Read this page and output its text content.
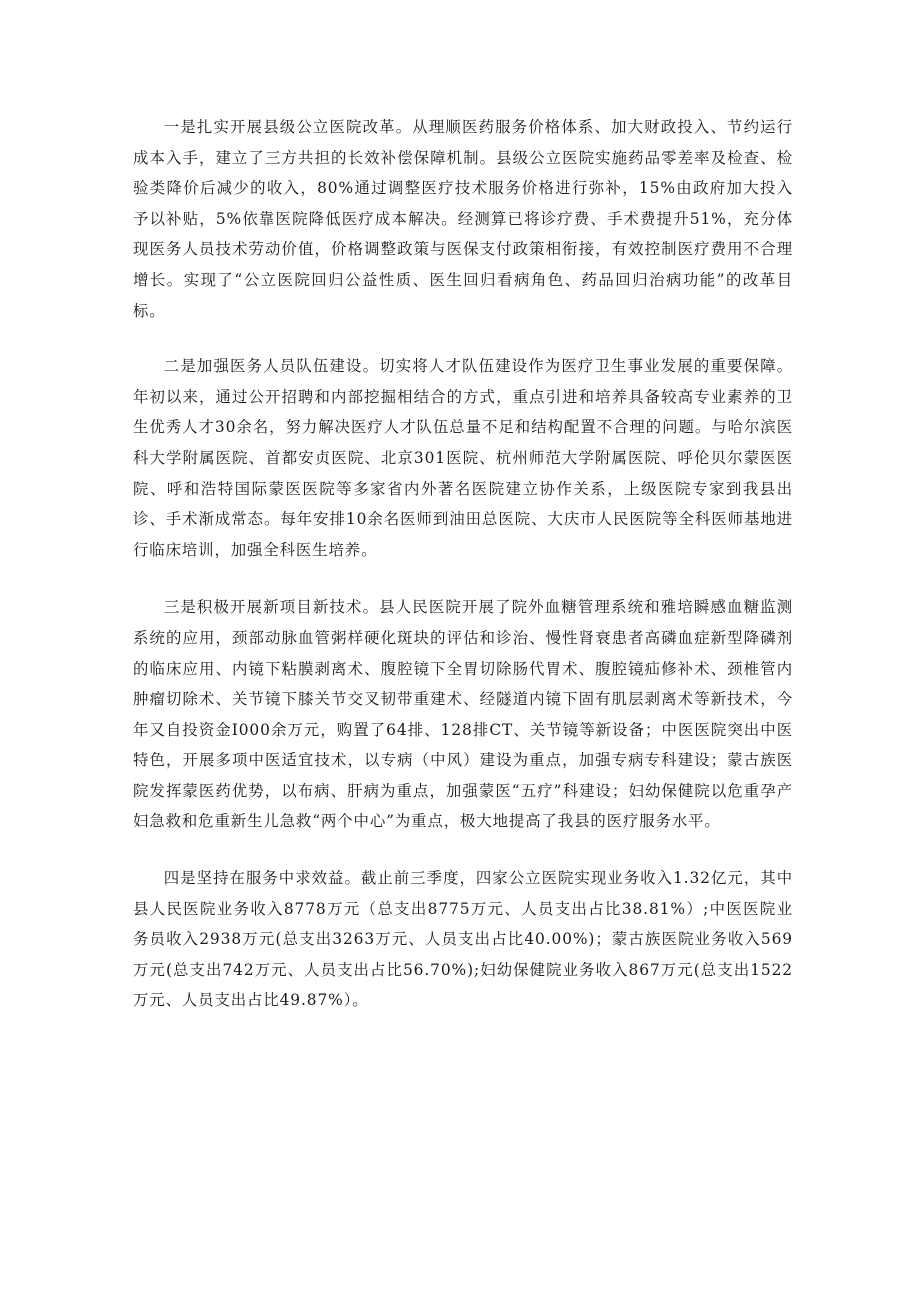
一是扎实开展县级公立医院改革。从理顺医药服务价格体系、加大财政投入、节约运行成本入手，建立了三方共担的长效补偿保障机制。县级公立医院实施药品零差率及检查、检验类降价后减少的收入，80%通过调整医疗技术服务价格进行弥补，15%由政府加大投入予以补贴，5%依靠医院降低医疗成本解决。经测算已将诊疗费、手术费提升51%，充分体现医务人员技术劳动价值，价格调整政策与医保支付政策相衔接，有效控制医疗费用不合理增长。实现了“公立医院回归公益性质、医生回归看病角色、药品回归治病功能”的改革目标。

二是加强医务人员队伍建设。切实将人才队伍建设作为医疗卫生事业发展的重要保障。年初以来，通过公开招聘和内部挖掘相结合的方式，重点引进和培养具备较高专业素养的卫生优秀人才30余名，努力解决医疗人才队伍总量不足和结构配置不合理的问题。与哈尔滨医科大学附属医院、首都安贞医院、北京301医院、杭州师范大学附属医院、呼伦贝尔蒙医医院、呼和浩特国际蒙医医院等多家省内外著名医院建立协作关系，上级医院专家到我县出诊、手术渐成常态。每年安排10余名医师到油田总医院、大庆市人民医院等全科医师基地进行临床培训，加强全科医生培养。

三是积极开展新项目新技术。县人民医院开展了院外血糖管理系统和雅培瞬感血糖监测系统的应用，颈部动脉血管粥样硬化斑块的评估和诊治、慢性肾衰患者高磷血症新型降磷剂的临床应用、内镜下粘膜剥离术、腹腔镜下全胃切除肠代胃术、腹腔镜疝修补术、颈椎管内肿瘤切除术、关节镜下膝关节交叉韧带重建术、经隧道内镜下固有肌层剥离术等新技术，今年又自投资金I000余万元，购置了64排、128排CT、关节镜等新设备；中医医院突出中医特色，开展多项中医适宜技术，以专病（中风）建设为重点，加强专病专科建设；蒙古族医院发挥蒙医药优势，以布病、肝病为重点，加强蒙医“五疗”科建设；妇幼保健院以危重孕产妇急救和危重新生儿急救“两个中心”为重点，极大地提高了我县的医疗服务水平。

四是坚持在服务中求效益。截止前三季度，四家公立医院实现业务收入1.32亿元，其中县人民医院业务收入8778万元（总支出8775万元、人员支出占比38.81%）;中医医院业务员收入2938万元(总支出3263万元、人员支出占比40.00%)；蒙古族医院业务收入569万元(总支出742万元、人员支出占比56.70%);妇幼保健院业务收入867万元(总支出1522万元、人员支出占比49.87%）。
